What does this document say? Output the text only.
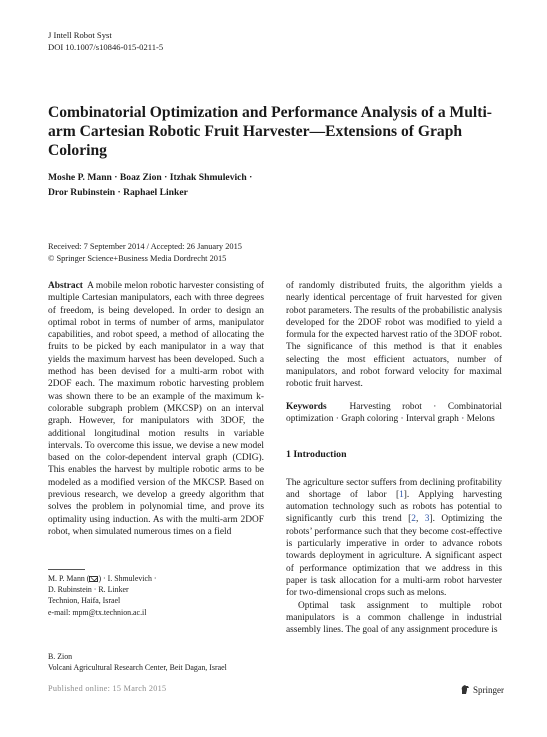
J Intell Robot Syst
DOI 10.1007/s10846-015-0211-5
Combinatorial Optimization and Performance Analysis of a Multi-arm Cartesian Robotic Fruit Harvester—Extensions of Graph Coloring
Moshe P. Mann · Boaz Zion · Itzhak Shmulevich ·
Dror Rubinstein · Raphael Linker
Received: 7 September 2014 / Accepted: 26 January 2015
© Springer Science+Business Media Dordrecht 2015
Abstract A mobile melon robotic harvester consisting of multiple Cartesian manipulators, each with three degrees of freedom, is being developed. In order to design an optimal robot in terms of number of arms, manipulator capabilities, and robot speed, a method of allocating the fruits to be picked by each manipulator in a way that yields the maximum harvest has been developed. Such a method has been devised for a multi-arm robot with 2DOF each. The maximum robotic harvesting problem was shown there to be an example of the maximum k-colorable subgraph problem (MKCSP) on an interval graph. However, for manipulators with 3DOF, the additional longitudinal motion results in variable intervals. To overcome this issue, we devise a new model based on the color-dependent interval graph (CDIG). This enables the harvest by multiple robotic arms to be modeled as a modified version of the MKCSP. Based on previous research, we develop a greedy algorithm that solves the problem in polynomial time, and prove its optimality using induction. As with the multi-arm 2DOF robot, when simulated numerous times on a field
of randomly distributed fruits, the algorithm yields a nearly identical percentage of fruit harvested for given robot parameters. The results of the probabilistic analysis developed for the 2DOF robot was modified to yield a formula for the expected harvest ratio of the 3DOF robot. The significance of this method is that it enables selecting the most efficient actuators, number of manipulators, and robot forward velocity for maximal robotic fruit harvest.
Keywords Harvesting robot · Combinatorial optimization · Graph coloring · Interval graph · Melons
1 Introduction

The agriculture sector suffers from declining profitability and shortage of labor [1]. Applying harvesting automation technology such as robots has potential to significantly curb this trend [2, 3]. Optimizing the robots’ performance such that they become cost-effective is particularly imperative in order to advance robots towards deployment in agriculture. A significant aspect of performance optimization that we address in this paper is task allocation for a multi-arm robot harvester for two-dimensional crops such as melons.

Optimal task assignment to multiple robot manipulators is a common challenge in industrial assembly lines. The goal of any assignment procedure is

M. P. Mann ( ) · I. Shmulevich ·
D. Rubinstein · R. Linker
Technion, Haifa, Israel
e-mail: mpm@tx.technion.ac.il
B. Zion
Volcani Agricultural Research Center, Beit Dagan, Israel
Published online: 15 March 2015	Springer
